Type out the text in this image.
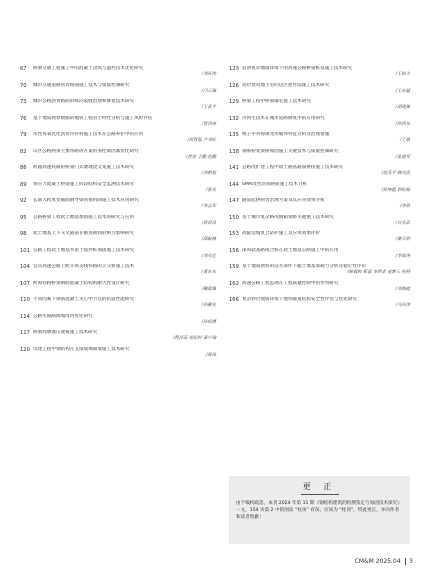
67	桥梁交通工程施工中的混凝土浇筑与温控技术优化研究
/刘环伟
70	城市交通道路沥青路面施工技术与质量控制研究
/闫云强
73	城市公路沥青路面的纵向裂缝治理和修复技术研究
/王武平
76	基于地质勘察数据的地铁工程岩土特性分析与施工风险评估
/智泽南
79	水性环氧乳化沥青冷补料施工技术在公路养护中的应用
/周智磊 卢书旺
82	山区公路两条主要带路坍方案的多控制因素优化研究
/贺雷 王鹏 赵鹏
86	跨越高速铁路的桥梁门式墩现浇支架施工技术研究
/刘朝旭
89	预应力混凝土桥梁施工阶段结构安全监测技术研究
/张光
92	长联大跨度变截面钢导梁顶推拆除施工技术应用研究
/李志军
95	公路桥梁工程软土地基加固施工技术的研究与应用
/蒋洪昌
98	软土地基上下交叉隧道在掘进期间的相互影响研究
/邱振枫
101 公路工程软土地基水泥土搅拌桩加固施工技术研究
/刘凤仑
104 宜宾高速公路上跨羊场支线铁路的立交桥施工技术
/黄东东
107 跨海铁路桥梁钢筋混凝土结构的耐久性设计研究
/鞠建雄
110 不同因素下钢筋混凝土夹心中节点的抗震性能研究
/孙耀光
114 公路水毁路阀墙改进优化研究
/孙绍博
117 桥梁高墩液压爬模施工技术研究
/程泽高 徐民村 秦宁瑞
120 房建工程中钢结构在支撑玻璃幕墙施工技术研究
/黄扬
123 岩溶复杂地质环境下的高速公路桥梁桩基施工技术研究
/王柏力
126 高层建筑地下室的边区逆作法施工技术研究
/王东超
129 桥梁工程中桥面铺装施工技术研究
/胡建雄
132 冷再生技术在城市道路修复中的应用研究
/孙伟东
135 统子甲谷海镇变形破坏特征分析及治理措施
/王晨
138 钢筋粉架梁桥加固施工关键技术与质量控制研究
/张建军
141 公路改扩建工程中软土路基路面拼接施工技术研究
/赵茂平 韩凤雷
144 SMA改性沥青路面施工技术分析
/徐坤超 郭松峰
147 隧道起拱病害治理方案及其应用效果分析
/李欣
150 基于城市复杂路况钢箱梁桥关键施工技术研究
/白永武
153 高陡边坡复合防护施工及应用效果评价
/谢天明
156 深厚软基路堤合桩在软土地基公路施工中的应用
/李浪涛
159 基于地质勘察的浸水条件下膨土地基承载力分析及稳定性评价
/候毅帅 靳嘉 李明求 麦梦云 孙桥
162 高速公路工程监理在工程质量控制中的作用研究
/刘海霞
166 复杂砂层地质环境下地铁隧道结构安全性评估与优化研究
/马庆涛
更 正
由于编校疏忽，本刊 2024 年第 11 期《钢结构建筑的检测鉴定与加固技术探究》一文，154 页第 2 中的图法 “柱顶” 有误，应该为 “柱顶”，特此更正，并向作者和读者致歉！
CM&M 2025.04 3
